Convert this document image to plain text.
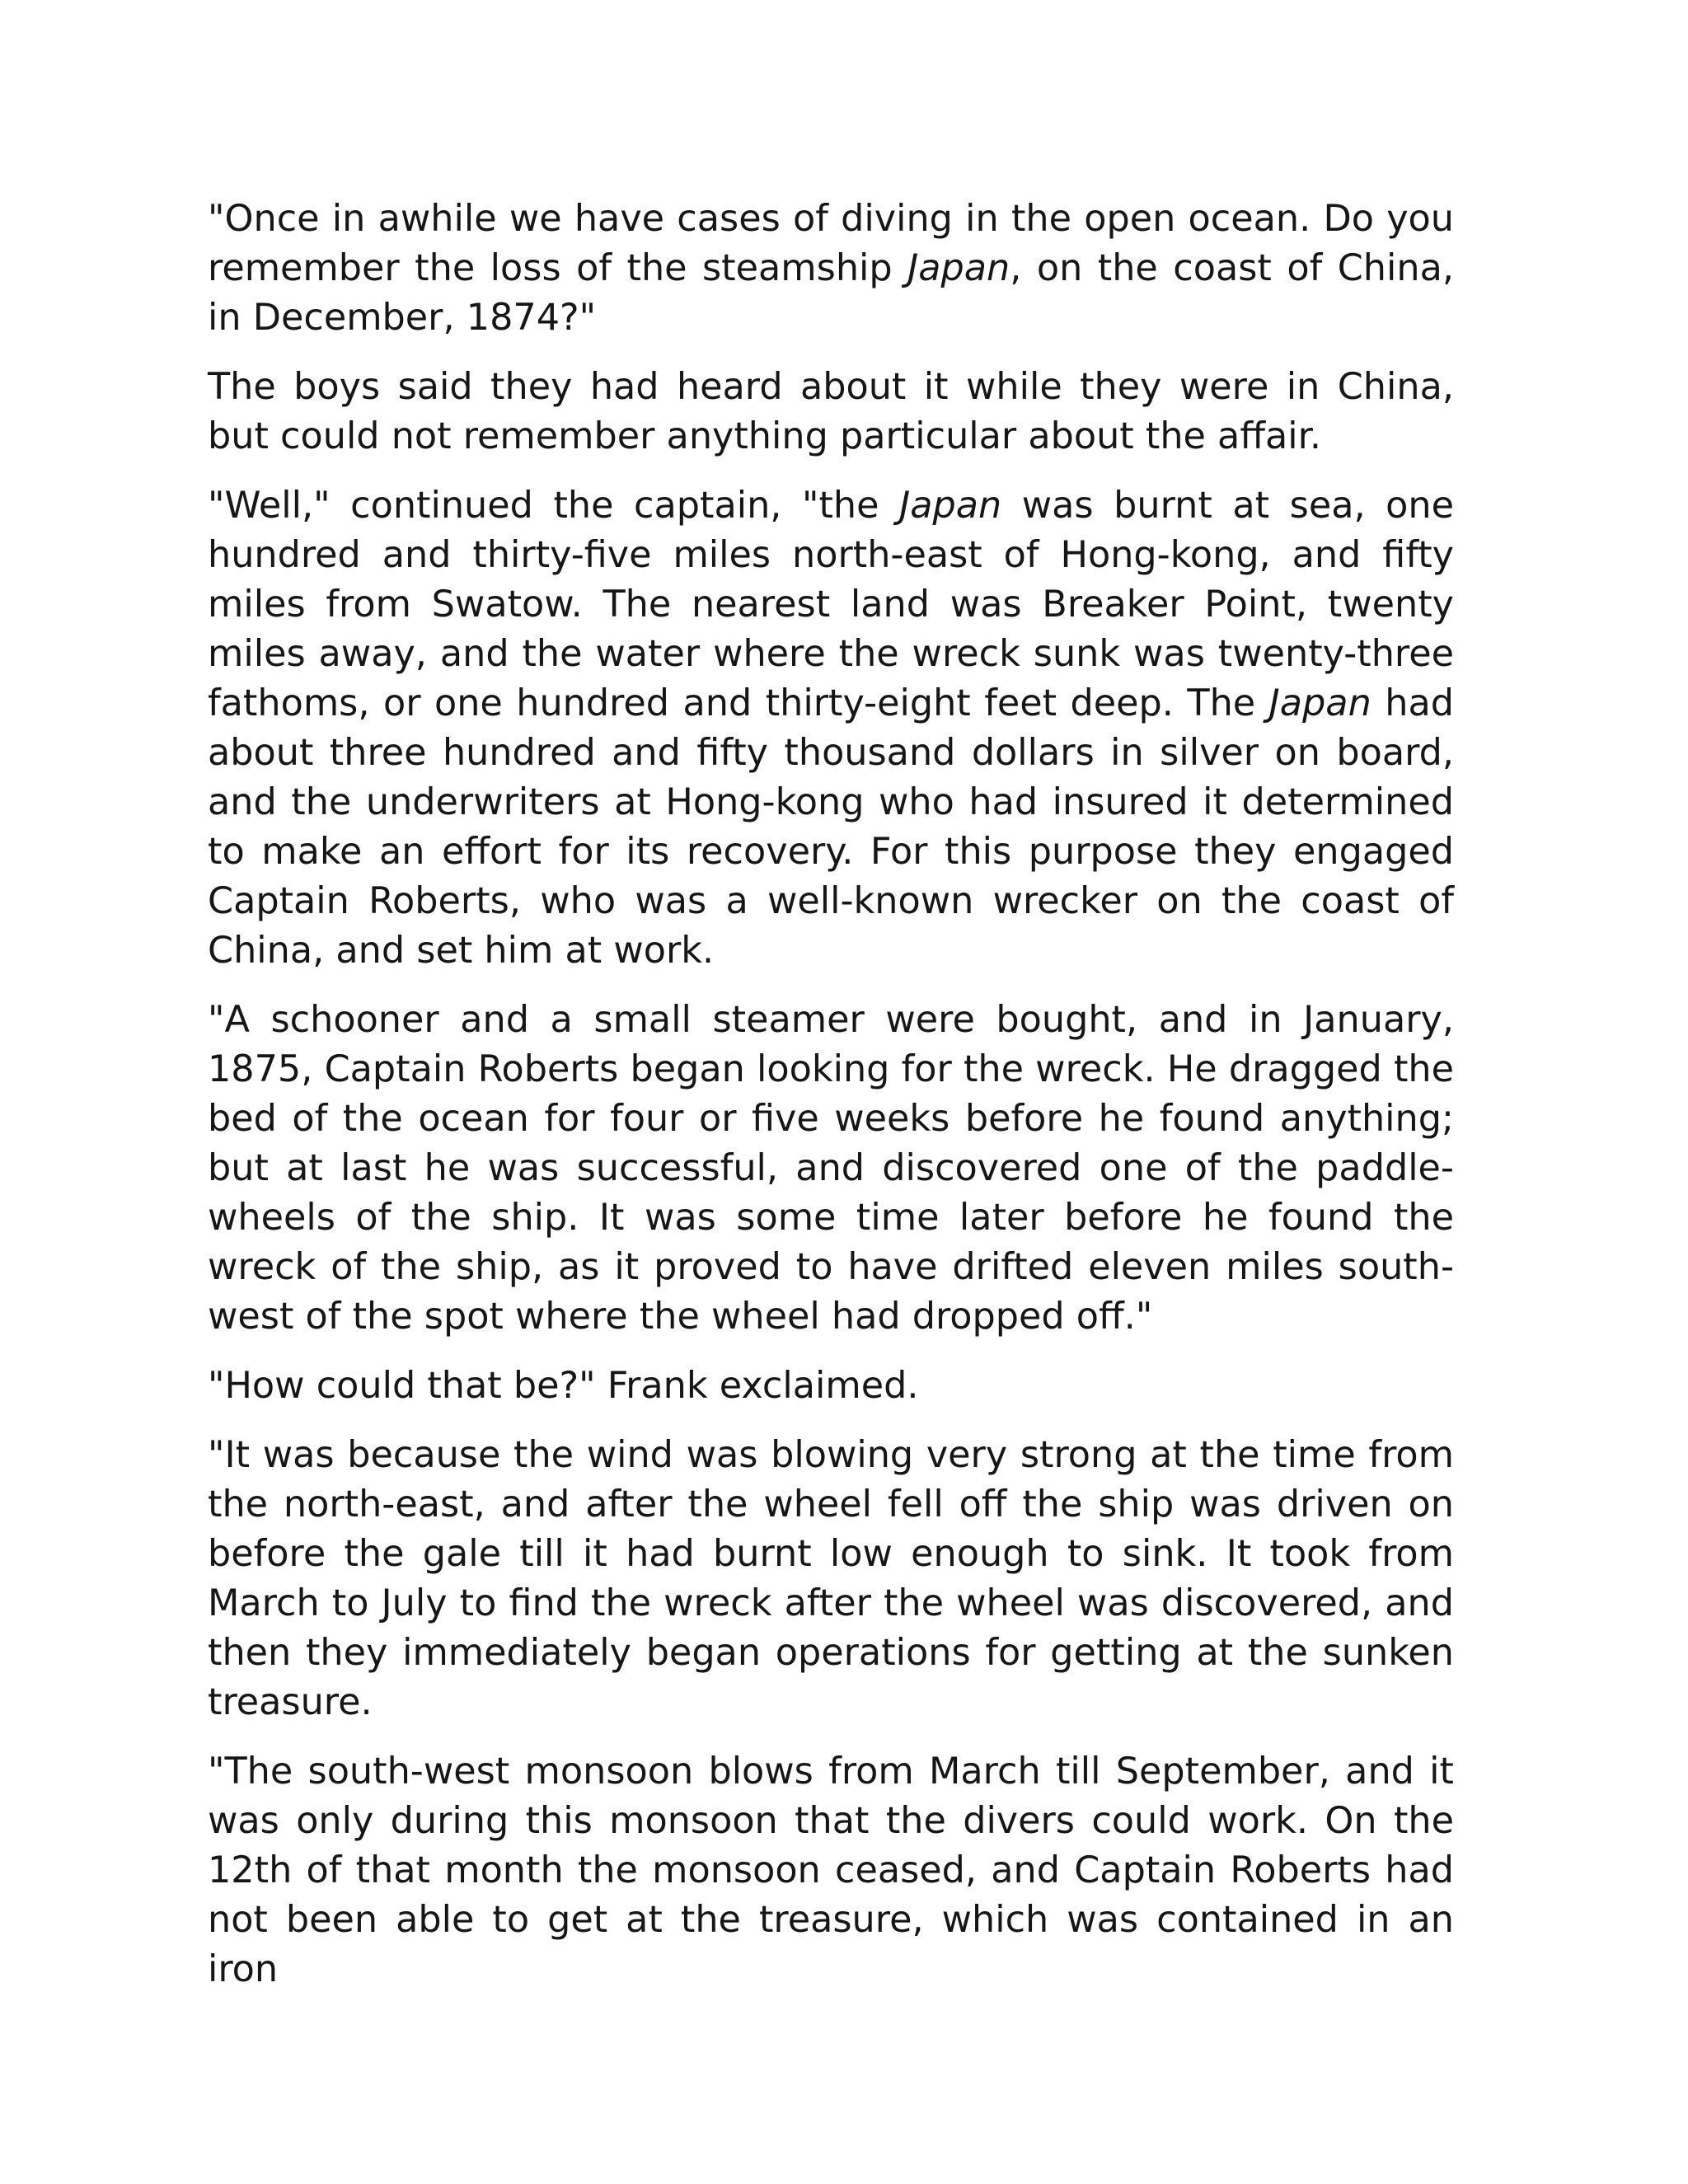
"Once in awhile we have cases of diving in the open ocean. Do you remember the loss of the steamship Japan, on the coast of China, in December, 1874?"

The boys said they had heard about it while they were in China, but could not remember anything particular about the affair.

"Well," continued the captain, "the Japan was burnt at sea, one hundred and thirty-five miles north-east of Hong-kong, and fifty miles from Swatow. The nearest land was Breaker Point, twenty miles away, and the water where the wreck sunk was twenty-three fathoms, or one hundred and thirty-eight feet deep. The Japan had about three hundred and fifty thousand dollars in silver on board, and the underwriters at Hong-kong who had insured it determined to make an effort for its recovery. For this purpose they engaged Captain Roberts, who was a well-known wrecker on the coast of China, and set him at work.

"A schooner and a small steamer were bought, and in January, 1875, Captain Roberts began looking for the wreck. He dragged the bed of the ocean for four or five weeks before he found anything; but at last he was successful, and discovered one of the paddle-wheels of the ship. It was some time later before he found the wreck of the ship, as it proved to have drifted eleven miles south-west of the spot where the wheel had dropped off."

"How could that be?" Frank exclaimed.

"It was because the wind was blowing very strong at the time from the north-east, and after the wheel fell off the ship was driven on before the gale till it had burnt low enough to sink. It took from March to July to find the wreck after the wheel was discovered, and then they immediately began operations for getting at the sunken treasure.

"The south-west monsoon blows from March till September, and it was only during this monsoon that the divers could work. On the 12th of that month the monsoon ceased, and Captain Roberts had not been able to get at the treasure, which was contained in an iron
